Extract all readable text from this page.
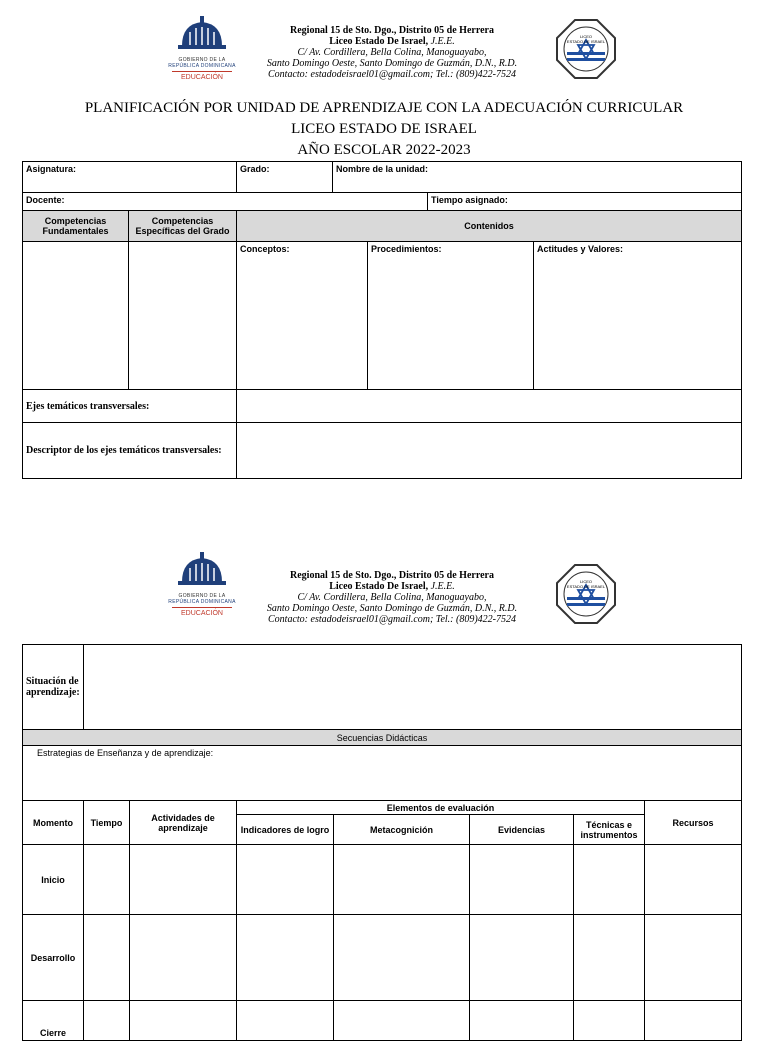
GOBIERNO DE LA
REPÚBLICA DOMINICANA
EDUCACIÓN
Regional 15 de Sto. Dgo., Distrito 05 de Herrera
Liceo Estado De Israel, J.E.E.
C/ Av. Cordillera, Bella Colina, Manoguayabo,
Santo Domingo Oeste, Santo Domingo de Guzmán, D.N., R.D.
Contacto: estadodeisrael01@gmail.com; Tel.: (809)422-7524
LICEO
ESTADO DE ISRAEL
PLANIFICACIÓN POR UNIDAD DE APRENDIZAJE CON LA ADECUACIÓN CURRICULAR
LICEO ESTADO DE ISRAEL
AÑO ESCOLAR 2022-2023
Asignatura:		Grado:	Nombre de la unidad:			
Docente:					Tiempo asignado:	
Competencias Fundamentales	Competencias Específicas del Grado	Contenidos				
		Conceptos:		Procedimientos:		Actitudes y Valores:
Ejes temáticos transversales:						
Descriptor de los ejes temáticos transversales:						
GOBIERNO DE LA
REPÚBLICA DOMINICANA
EDUCACIÓN
Regional 15 de Sto. Dgo., Distrito 05 de Herrera
Liceo Estado De Israel, J.E.E.
C/ Av. Cordillera, Bella Colina, Manoguayabo,
Santo Domingo Oeste, Santo Domingo de Guzmán, D.N., R.D.
Contacto: estadodeisrael01@gmail.com; Tel.: (809)422-7524
LICEO
ESTADO DE ISRAEL
Situación de aprendizaje:							
Secuencias Didácticas							
Estrategias de Enseñanza y de aprendizaje:							
Momento	Tiempo	Actividades de aprendizaje	Elementos de evaluación				Recursos
			Indicadores de logro	Metacognición	Evidencias	Técnicas e instrumentos	
Inicio							
Desarrollo							
Cierre							
